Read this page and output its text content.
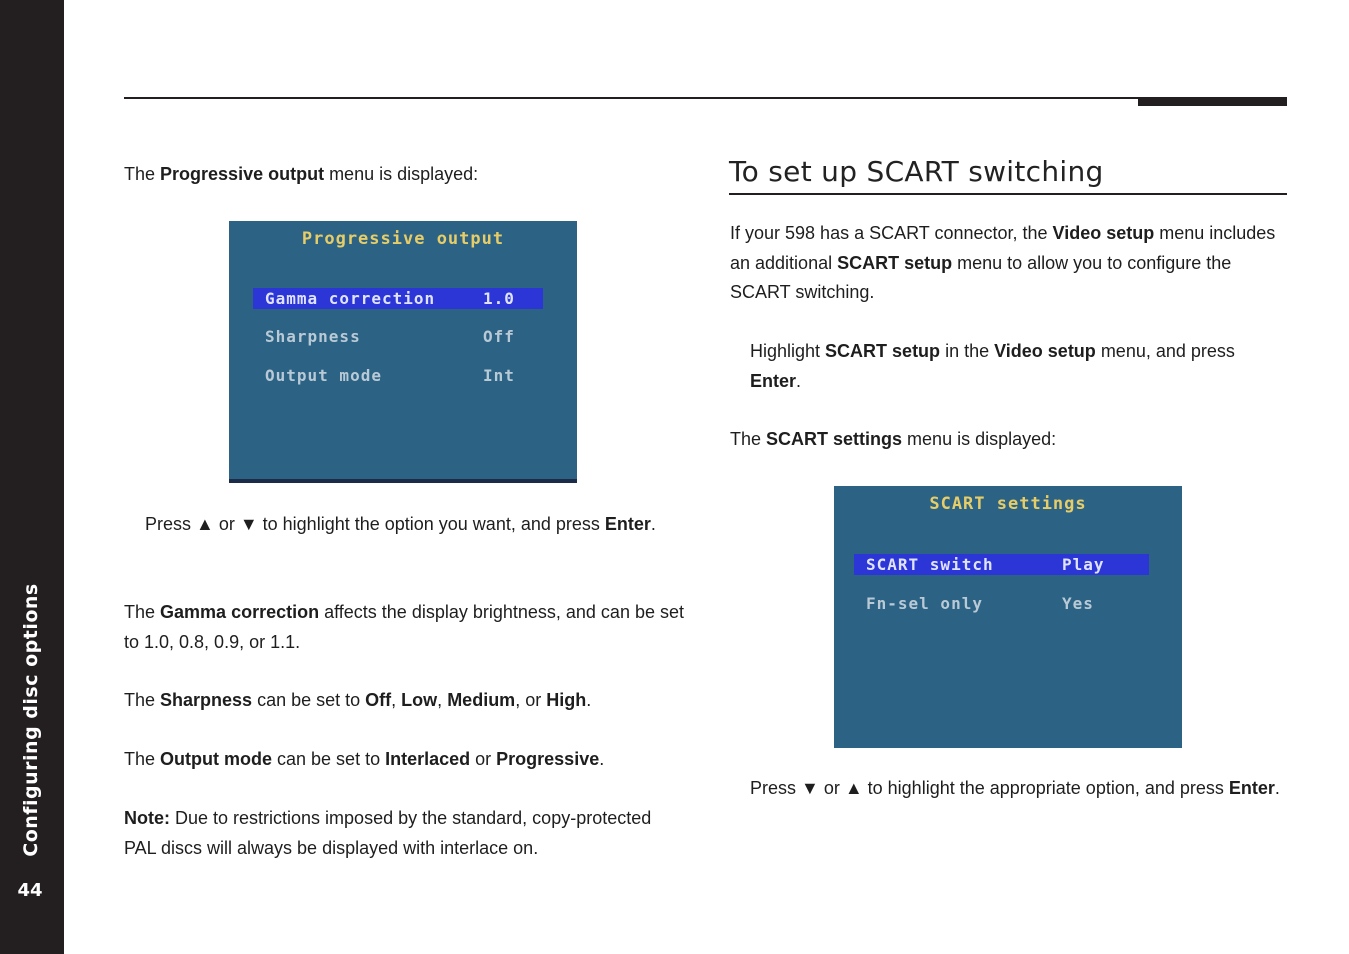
Configuring disc options
44
The Progressive output menu is displayed:
Progressive output
Gamma correction	1.0
Sharpness	Off
Output mode	Int
Press ▲ or ▼ to highlight the option you want, and press Enter.
The Gamma correction affects the display brightness, and can be set to 1.0, 0.8, 0.9, or 1.1.
The Sharpness can be set to Off, Low, Medium, or High.
The Output mode can be set to Interlaced or Progressive.
Note: Due to restrictions imposed by the standard, copy-protected PAL discs will always be displayed with interlace on.
To set up SCART switching
If your 598 has a SCART connector, the Video setup menu includes an additional SCART setup menu to allow you to configure the SCART switching.
Highlight SCART setup in the Video setup menu, and press Enter.
The SCART settings menu is displayed:
SCART settings
SCART switch	Play
Fn-sel only	Yes
Press ▼ or ▲ to highlight the appropriate option, and press Enter.
